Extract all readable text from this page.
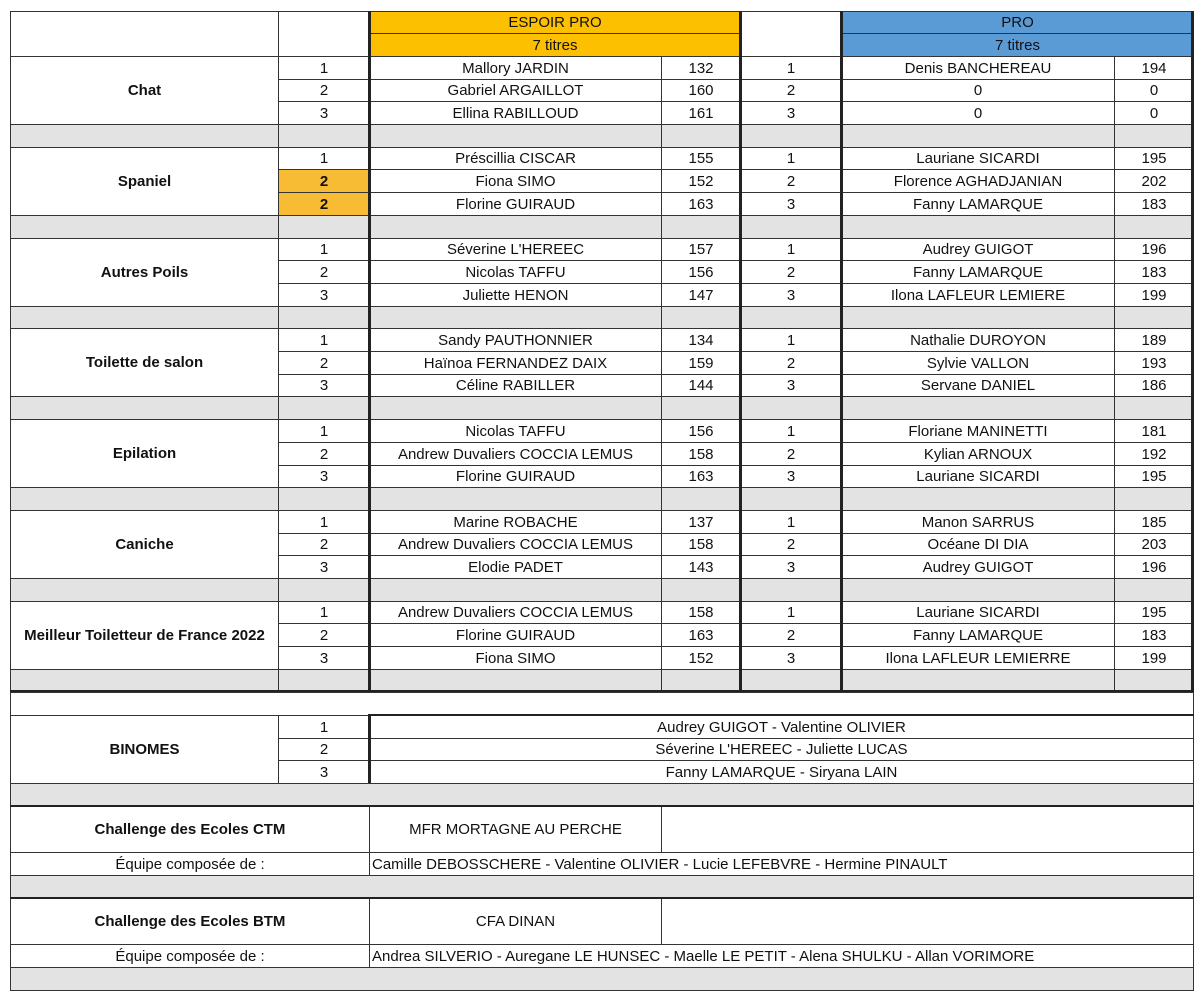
ESPOIR PRO
7 titres
PRO
7 titres
Chat
1	Mallory JARDIN	132	1	Denis BANCHEREAU	194
2	Gabriel ARGAILLOT	160	2	0	0
3	Ellina RABILLOUD	161	3	0	0
Spaniel
1	Préscillia CISCAR	155	1	Lauriane SICARDI	195
2	Fiona SIMO	152	2	Florence AGHADJANIAN	202
2	Florine GUIRAUD	163	3	Fanny LAMARQUE	183
Autres Poils
1	Séverine L'HEREEC	157	1	Audrey GUIGOT	196
2	Nicolas TAFFU	156	2	Fanny LAMARQUE	183
3	Juliette HENON	147	3	Ilona LAFLEUR LEMIERE	199
Toilette de salon
1	Sandy PAUTHONNIER	134	1	Nathalie DUROYON	189
2	Haïnoa FERNANDEZ DAIX	159	2	Sylvie VALLON	193
3	Céline RABILLER	144	3	Servane DANIEL	186
Epilation
1	Nicolas TAFFU	156	1	Floriane MANINETTI	181
2	Andrew Duvaliers COCCIA LEMUS	158	2	Kylian ARNOUX	192
3	Florine GUIRAUD	163	3	Lauriane SICARDI	195
Caniche
1	Marine ROBACHE	137	1	Manon SARRUS	185
2	Andrew Duvaliers COCCIA LEMUS	158	2	Océane DI DIA	203
3	Elodie PADET	143	3	Audrey GUIGOT	196
Meilleur Toiletteur de France 2022
1	Andrew Duvaliers COCCIA LEMUS	158	1	Lauriane SICARDI	195
2	Florine GUIRAUD	163	2	Fanny LAMARQUE	183
3	Fiona SIMO	152	3	Ilona LAFLEUR LEMIERRE	199
BINOMES
1	Audrey GUIGOT - Valentine OLIVIER
2	Séverine L'HEREEC - Juliette LUCAS
3	Fanny LAMARQUE - Siryana LAIN
Challenge des Ecoles CTM	MFR MORTAGNE AU PERCHE
Équipe composée de :	Camille DEBOSSCHERE - Valentine OLIVIER - Lucie LEFEBVRE - Hermine PINAULT
Challenge des Ecoles BTM	CFA DINAN
Équipe composée de :	Andrea SILVERIO - Auregane LE HUNSEC - Maelle LE PETIT - Alena SHULKU - Allan VORIMORE
